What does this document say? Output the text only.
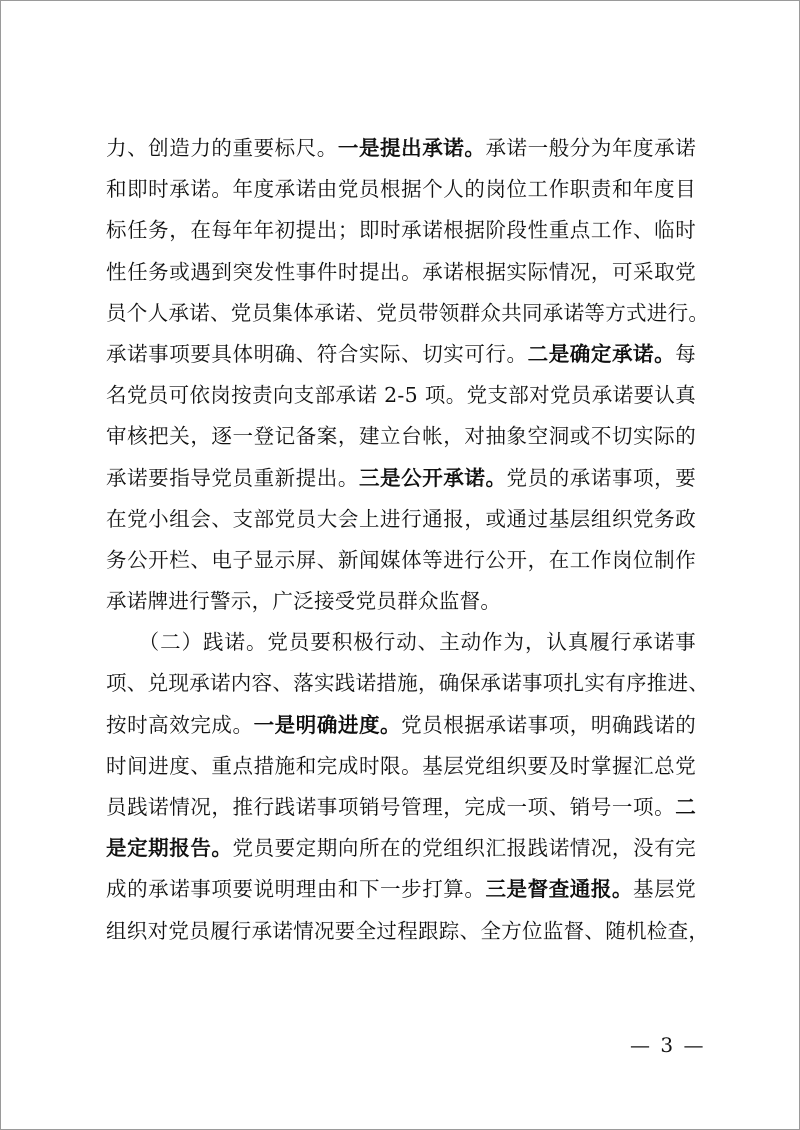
力、创造力的重要标尺。一是提出承诺。承诺一般分为年度承诺
和即时承诺。年度承诺由党员根据个人的岗位工作职责和年度目
标任务，在每年年初提出；即时承诺根据阶段性重点工作、临时
性任务或遇到突发性事件时提出。承诺根据实际情况，可采取党
员个人承诺、党员集体承诺、党员带领群众共同承诺等方式进行。
承诺事项要具体明确、符合实际、切实可行。二是确定承诺。每
名党员可依岗按责向支部承诺 2-5 项。党支部对党员承诺要认真
审核把关，逐一登记备案，建立台帐，对抽象空洞或不切实际的
承诺要指导党员重新提出。三是公开承诺。党员的承诺事项，要
在党小组会、支部党员大会上进行通报，或通过基层组织党务政
务公开栏、电子显示屏、新闻媒体等进行公开，在工作岗位制作
承诺牌进行警示，广泛接受党员群众监督。
　　（二）践诺。党员要积极行动、主动作为，认真履行承诺事
项、兑现承诺内容、落实践诺措施，确保承诺事项扎实有序推进、
按时高效完成。一是明确进度。党员根据承诺事项，明确践诺的
时间进度、重点措施和完成时限。基层党组织要及时掌握汇总党
员践诺情况，推行践诺事项销号管理，完成一项、销号一项。二
是定期报告。党员要定期向所在的党组织汇报践诺情况，没有完
成的承诺事项要说明理由和下一步打算。三是督查通报。基层党
组织对党员履行承诺情况要全过程跟踪、全方位监督、随机检查，
— 3 —
